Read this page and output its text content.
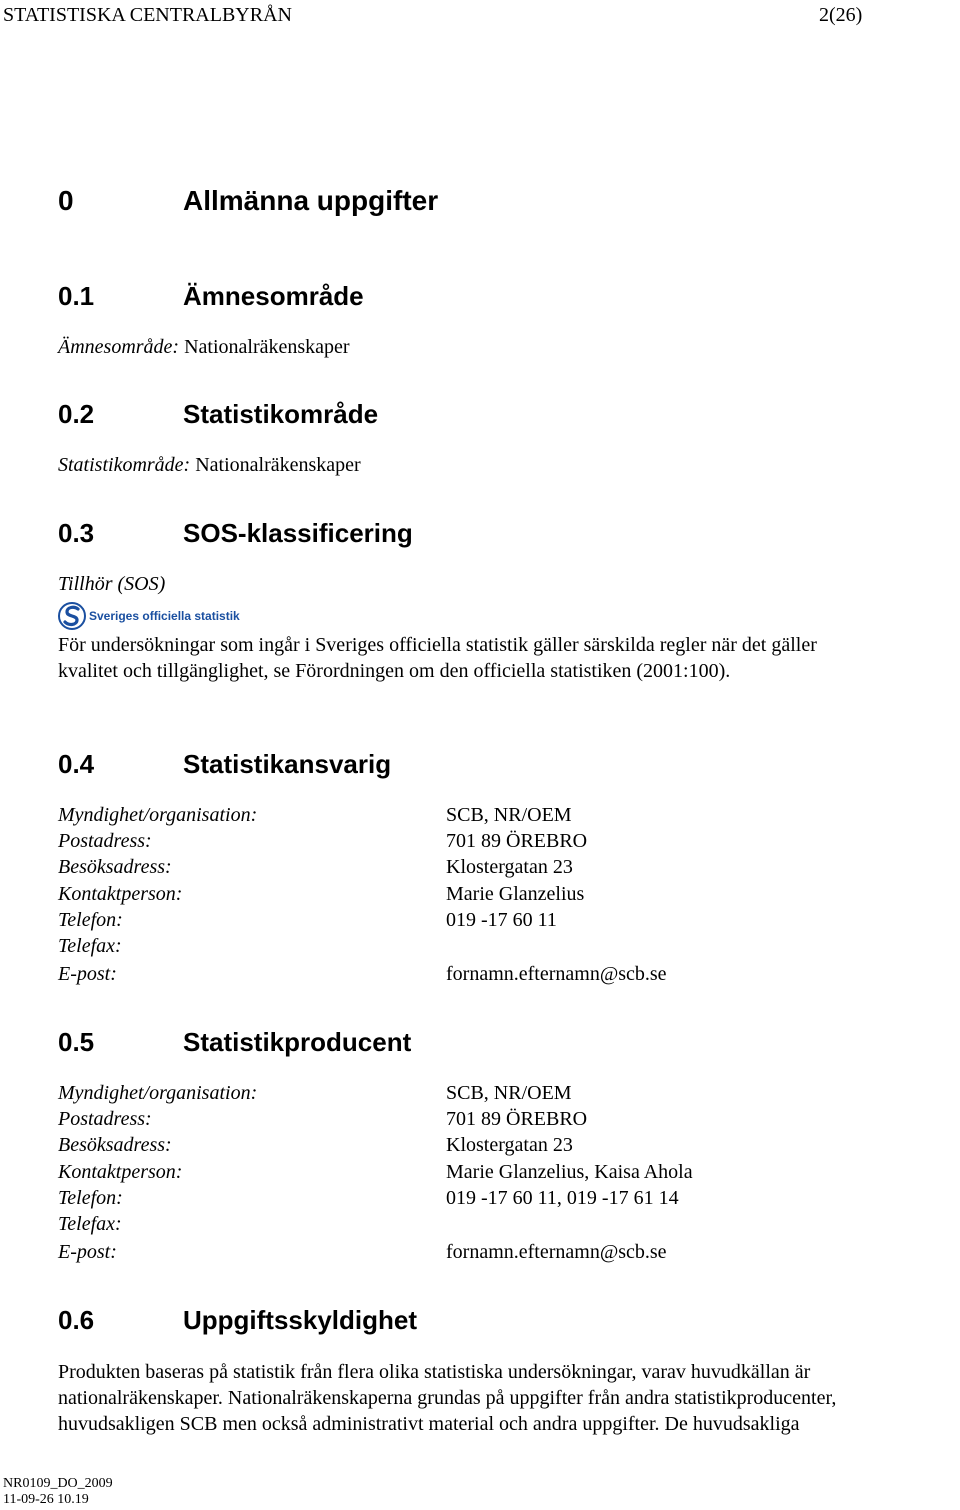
STATISTISKA CENTRALBYRÅN	2(26)
0	Allmänna uppgifter
0.1	Ämnesområde
Ämnesområde: Nationalräkenskaper
0.2	Statistikområde
Statistikområde: Nationalräkenskaper
0.3	SOS-klassificering
Tillhör (SOS)
Sveriges officiella statistik
För undersökningar som ingår i Sveriges officiella statistik gäller särskilda regler när det gäller kvalitet och tillgänglighet, se Förordningen om den officiella statistiken (2001:100).
0.4	Statistikansvarig
Myndighet/organisation:	SCB, NR/OEM
Postadress:	701 89 ÖREBRO
Besöksadress:	Klostergatan 23
Kontaktperson:	Marie Glanzelius
Telefon:	019 -17 60 11
Telefax:
E-post:	fornamn.efternamn@scb.se
0.5	Statistikproducent
Myndighet/organisation:	SCB, NR/OEM
Postadress:	701 89 ÖREBRO
Besöksadress:	Klostergatan 23
Kontaktperson:	Marie Glanzelius, Kaisa Ahola
Telefon:	019 -17 60 11, 019 -17 61 14
Telefax:
E-post:	fornamn.efternamn@scb.se
0.6	Uppgiftsskyldighet
Produkten baseras på statistik från flera olika statistiska undersökningar, varav huvudkällan är nationalräkenskaper. Nationalräkenskaperna grundas på uppgifter från andra statistikproducenter, huvudsakligen SCB men också administrativt material och andra uppgifter. De huvudsakliga
NR0109_DO_2009
11-09-26 10.19
